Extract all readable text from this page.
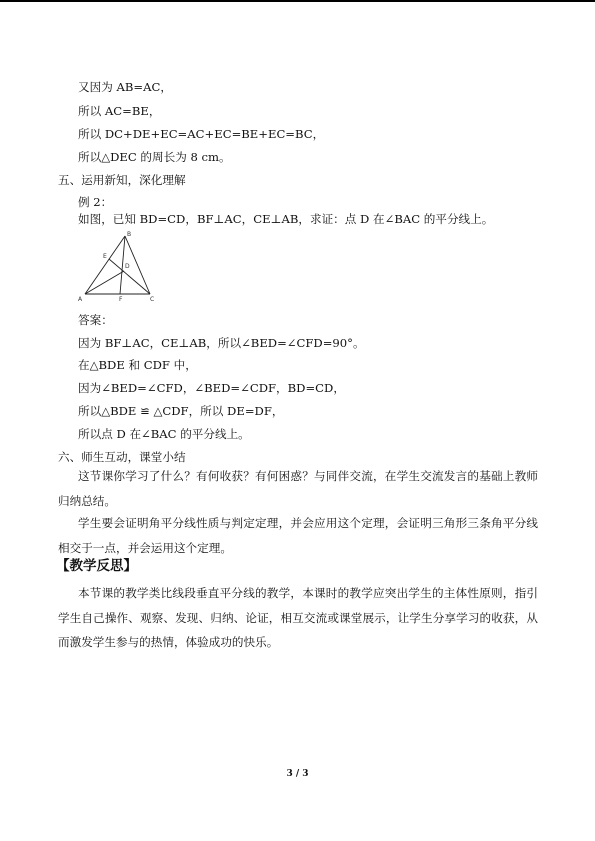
又因为 AB=AC，
所以 AC=BE，
所以 DC+DE+EC=AC+EC=BE+EC=BC，
所以△DEC 的周长为 8 cm。
五、运用新知，深化理解
例 2：
如图，已知 BD=CD，BF⊥AC，CE⊥AB，求证：点 D 在∠BAC 的平分线上。
B
E
D
A	F	C
答案：
因为 BF⊥AC，CE⊥AB，所以∠BED=∠CFD=90°。
在△BDE 和 CDF 中，
因为∠BED=∠CFD，∠BED=∠CDF，BD=CD，
所以△BDE ≌ △CDF，所以 DE=DF，
所以点 D 在∠BAC 的平分线上。
六、师生互动，课堂小结
这节课你学习了什么？有何收获？有何困惑？与同伴交流，在学生交流发言的基础上教师归纳总结。
学生要会证明角平分线性质与判定定理，并会应用这个定理，会证明三角形三条角平分线相交于一点，并会运用这个定理。
【教学反思】
本节课的教学类比线段垂直平分线的教学，本课时的教学应突出学生的主体性原则，指引学生自己操作、观察、发现、归纳、论证，相互交流或课堂展示，让学生分享学习的收获，从而激发学生参与的热情，体验成功的快乐。
3 / 3
